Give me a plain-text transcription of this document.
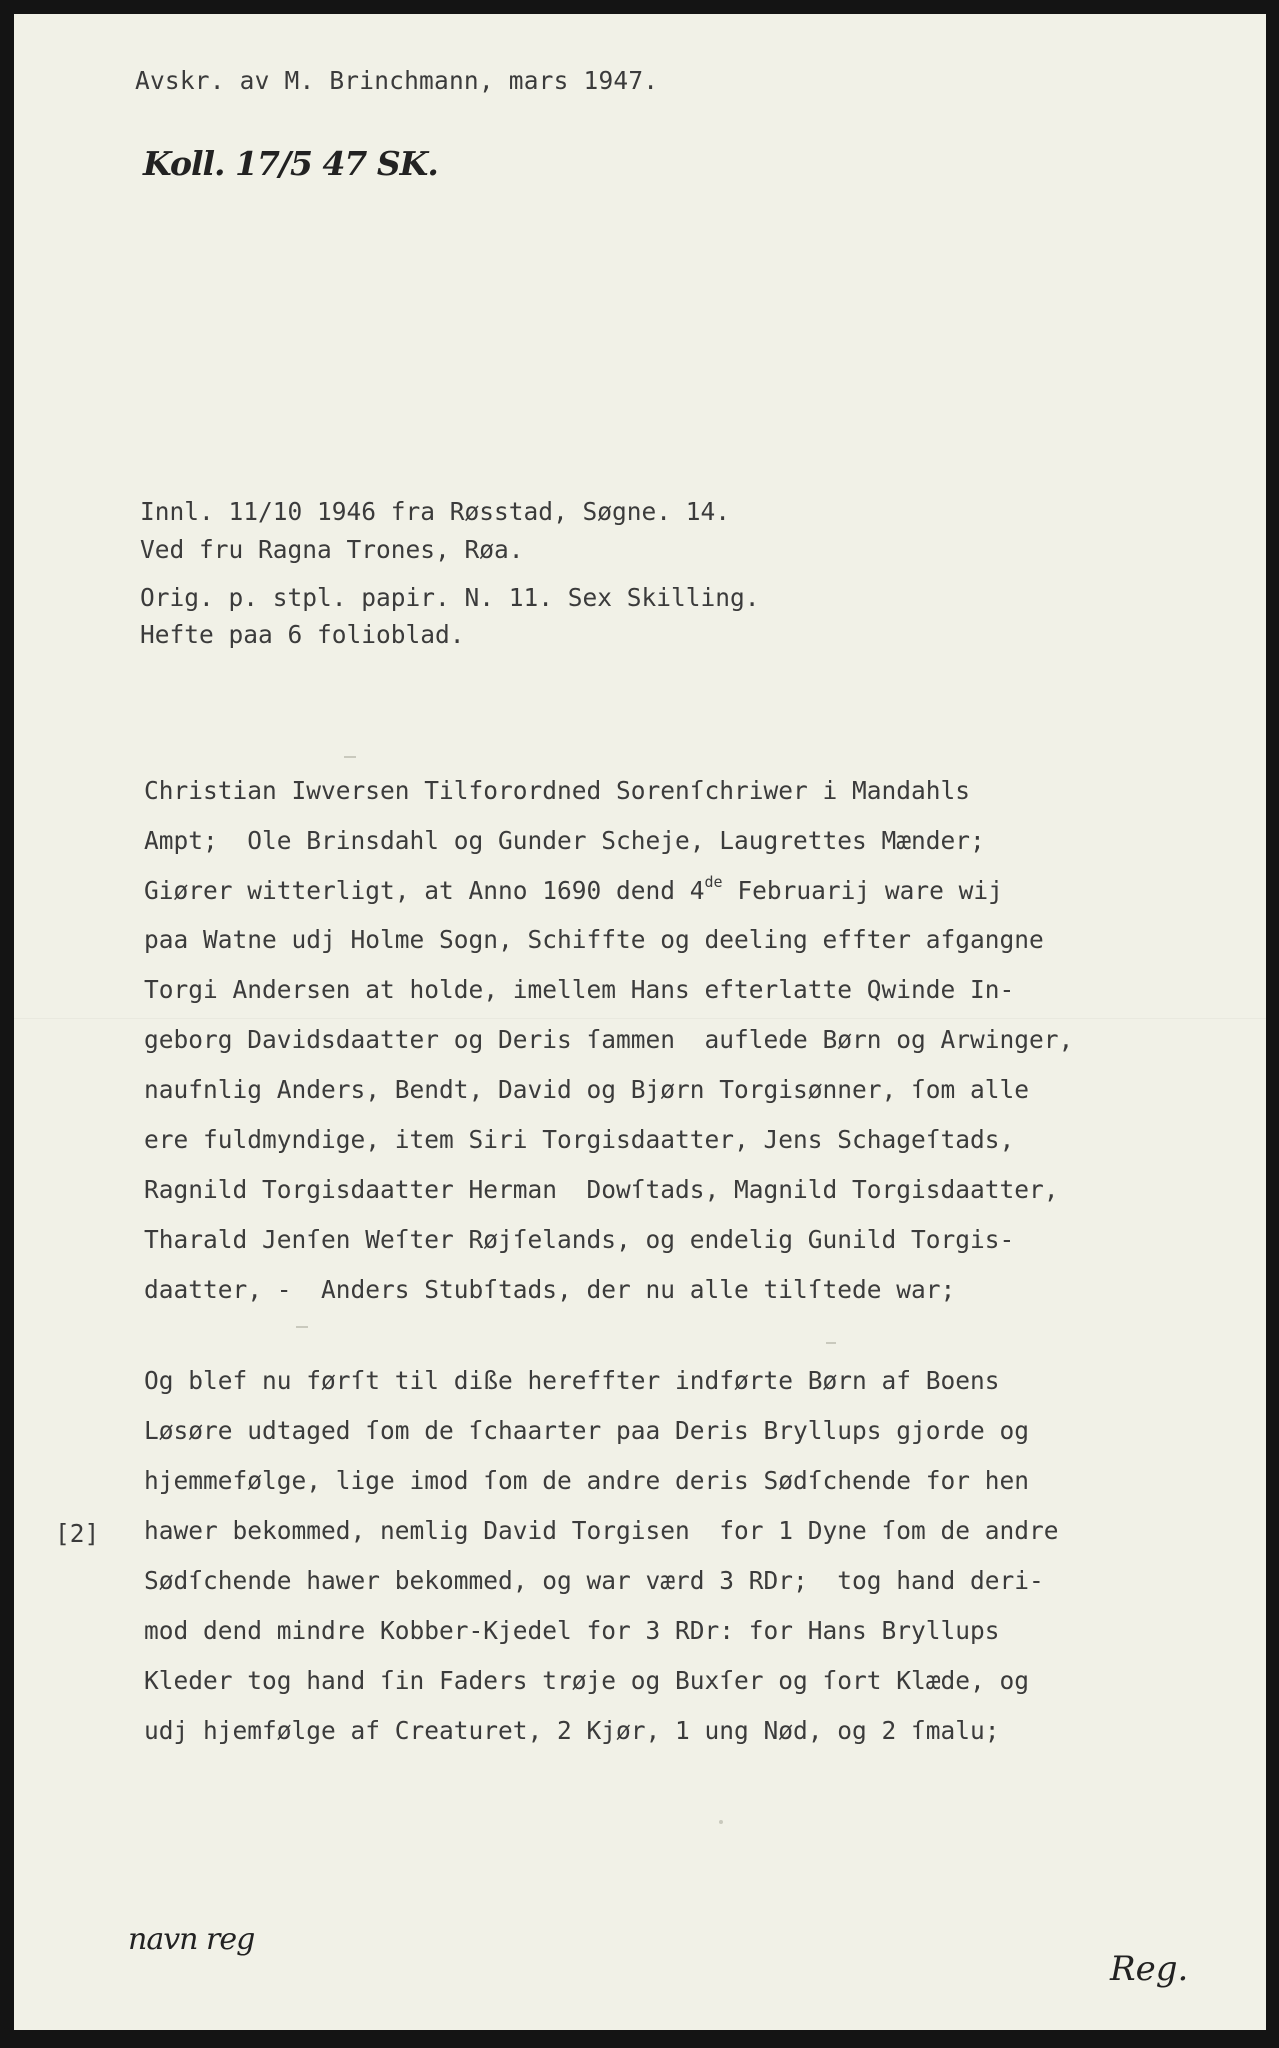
Avskr. av M. Brinchmann, mars 1947.
Koll. 17/5 47 SK.
Innl. 11/10 1946 fra Røsstad, Søgne. 14.
Ved fru Ragna Trones, Røa.
Orig. p. stpl. papir. N. 11. Sex Skilling.
Hefte paa 6 folioblad.
Christian Iwversen Tilforordned Sorenſchriwer i Mandahls
Ampt;  Ole Brinsdahl og Gunder Scheje, Laugrettes Mænder;
Giører witterligt, at Anno 1690 dend 4de Februarij ware wij
paa Watne udj Holme Sogn, Schiffte og deeling effter afgangne
Torgi Andersen at holde, imellem Hans efterlatte Qwinde In-
geborg Davidsdaatter og Deris ſammen  auflede Børn og Arwinger,
naufnlig Anders, Bendt, David og Bjørn Torgisønner, ſom alle
ere fuldmyndige, item Siri Torgisdaatter, Jens Schageſtads,
Ragnild Torgisdaatter Herman  Dowſtads, Magnild Torgisdaatter,
Tharald Jenſen Weſter Røjſelands, og endelig Gunild Torgis-
daatter, -  Anders Stubſtads, der nu alle tilſtede war;
Og blef nu førſt til diße hereffter indførte Børn af Boens
Løsøre udtaged ſom de ſchaarter paa Deris Bryllups gjorde og
hjemmefølge, lige imod ſom de andre deris Sødſchende for hen
[2] hawer bekommed, nemlig David Torgisen  for 1 Dyne ſom de andre
Sødſchende hawer bekommed, og war værd 3 RDr;  tog hand deri-
mod dend mindre Kobber-Kjedel for 3 RDr: for Hans Bryllups
Kleder tog hand ſin Faders trøje og Buxſer og ſort Klæde, og
udj hjemfølge af Creaturet, 2 Kjør, 1 ung Nød, og 2 ſmalu;
navn reg
Reg.
